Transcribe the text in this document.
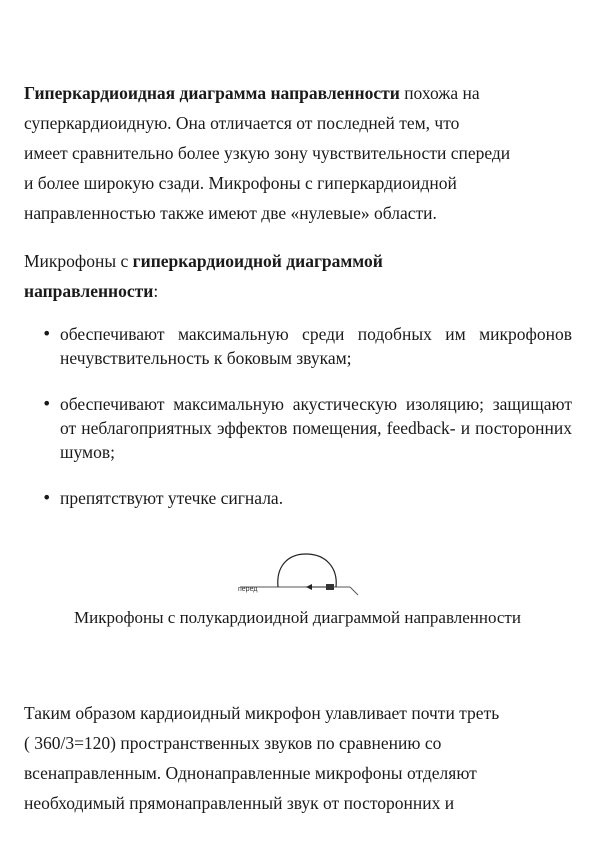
Гиперкардиоидная диаграмма направленности похожа на
суперкардиоидную. Она отличается от последней тем, что
имеет сравнительно более узкую зону чувствительности спереди
и более широкую сзади. Микрофоны с гиперкардиоидной
направленностью также имеют две «нулевые» области.
Микрофоны с гиперкардиоидной диаграммой
направленности:
• обеспечивают максимальную среди подобных им микрофонов нечувствительность к боковым звукам;
• обеспечивают максимальную акустическую изоляцию; защищают от неблагоприятных эффектов помещения, feedback- и посторонних шумов;
• препятствуют утечке сигнала.
перед
Микрофоны с полукардиоидной диаграммой направленности
Таким образом кардиоидный микрофон улавливает почти треть
( 360/3=120) пространственных звуков по сравнению со
всенаправленным. Однонаправленные микрофоны отделяют
необходимый прямонаправленный звук от посторонних и
